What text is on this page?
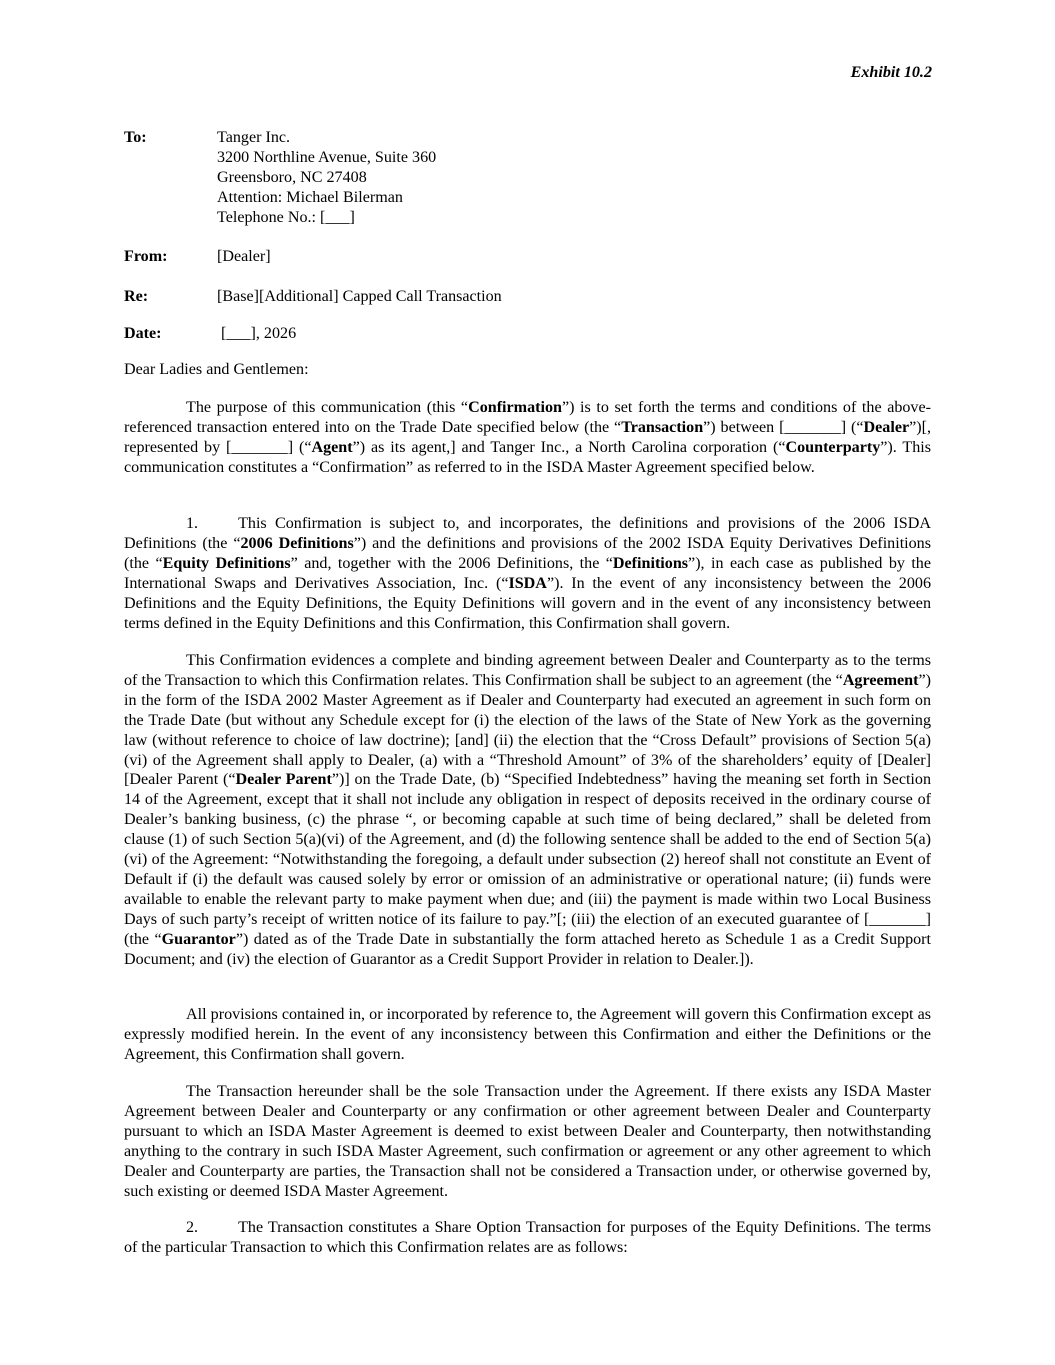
Exhibit 10.2
To:	Tanger Inc.
3200 Northline Avenue, Suite 360
Greensboro, NC 27408
Attention: Michael Bilerman
Telephone No.: [___]
From:	[Dealer]
Re:	[Base][Additional] Capped Call Transaction
Date:	[___], 2026
Dear Ladies and Gentlemen:
The purpose of this communication (this “Confirmation”) is to set forth the terms and conditions of the above-referenced transaction entered into on the Trade Date specified below (the “Transaction”) between [_______] (“Dealer”)[, represented by [_______] (“Agent”) as its agent,] and Tanger Inc., a North Carolina corporation (“Counterparty”). This communication constitutes a “Confirmation” as referred to in the ISDA Master Agreement specified below.
1. This Confirmation is subject to, and incorporates, the definitions and provisions of the 2006 ISDA Definitions (the “2006 Definitions”) and the definitions and provisions of the 2002 ISDA Equity Derivatives Definitions (the “Equity Definitions” and, together with the 2006 Definitions, the “Definitions”), in each case as published by the International Swaps and Derivatives Association, Inc. (“ISDA”). In the event of any inconsistency between the 2006 Definitions and the Equity Definitions, the Equity Definitions will govern and in the event of any inconsistency between terms defined in the Equity Definitions and this Confirmation, this Confirmation shall govern.
This Confirmation evidences a complete and binding agreement between Dealer and Counterparty as to the terms of the Transaction to which this Confirmation relates. This Confirmation shall be subject to an agreement (the “Agreement”) in the form of the ISDA 2002 Master Agreement as if Dealer and Counterparty had executed an agreement in such form on the Trade Date (but without any Schedule except for (i) the election of the laws of the State of New York as the governing law (without reference to choice of law doctrine); [and] (ii) the election that the “Cross Default” provisions of Section 5(a)(vi) of the Agreement shall apply to Dealer, (a) with a “Threshold Amount” of 3% of the shareholders’ equity of [Dealer][Dealer Parent (“Dealer Parent”)] on the Trade Date, (b) “Specified Indebtedness” having the meaning set forth in Section 14 of the Agreement, except that it shall not include any obligation in respect of deposits received in the ordinary course of Dealer’s banking business, (c) the phrase “, or becoming capable at such time of being declared,” shall be deleted from clause (1) of such Section 5(a)(vi) of the Agreement, and (d) the following sentence shall be added to the end of Section 5(a)(vi) of the Agreement: “Notwithstanding the foregoing, a default under subsection (2) hereof shall not constitute an Event of Default if (i) the default was caused solely by error or omission of an administrative or operational nature; (ii) funds were available to enable the relevant party to make payment when due; and (iii) the payment is made within two Local Business Days of such party’s receipt of written notice of its failure to pay.”[; (iii) the election of an executed guarantee of [_______] (the “Guarantor”) dated as of the Trade Date in substantially the form attached hereto as Schedule 1 as a Credit Support Document; and (iv) the election of Guarantor as a Credit Support Provider in relation to Dealer.]).
All provisions contained in, or incorporated by reference to, the Agreement will govern this Confirmation except as expressly modified herein. In the event of any inconsistency between this Confirmation and either the Definitions or the Agreement, this Confirmation shall govern.
The Transaction hereunder shall be the sole Transaction under the Agreement. If there exists any ISDA Master Agreement between Dealer and Counterparty or any confirmation or other agreement between Dealer and Counterparty pursuant to which an ISDA Master Agreement is deemed to exist between Dealer and Counterparty, then notwithstanding anything to the contrary in such ISDA Master Agreement, such confirmation or agreement or any other agreement to which Dealer and Counterparty are parties, the Transaction shall not be considered a Transaction under, or otherwise governed by, such existing or deemed ISDA Master Agreement.
2. The Transaction constitutes a Share Option Transaction for purposes of the Equity Definitions. The terms of the particular Transaction to which this Confirmation relates are as follows:
